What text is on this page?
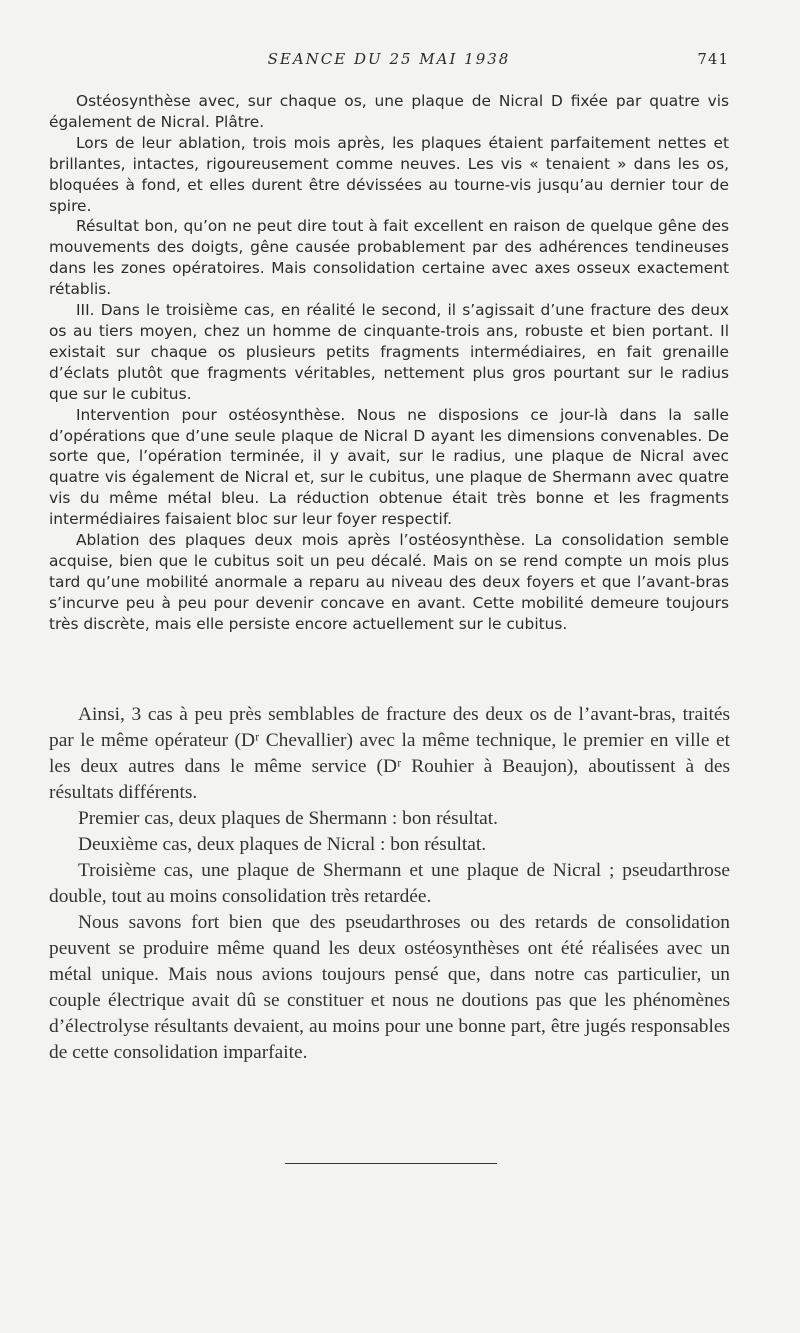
SEANCE DU 25 MAI 1938	741

Ostéosynthèse avec, sur chaque os, une plaque de Nicral D fixée par quatre vis également de Nicral. Plâtre.

Lors de leur ablation, trois mois après, les plaques étaient parfaitement nettes et brillantes, intactes, rigoureusement comme neuves. Les vis « tenaient » dans les os, bloquées à fond, et elles durent être dévissées au tourne-vis jusqu’au dernier tour de spire.

Résultat bon, qu’on ne peut dire tout à fait excellent en raison de quelque gêne des mouvements des doigts, gêne causée probablement par des adhérences tendineuses dans les zones opératoires. Mais consolidation certaine avec axes osseux exactement rétablis.

III. Dans le troisième cas, en réalité le second, il s’agissait d’une fracture des deux os au tiers moyen, chez un homme de cinquante-trois ans, robuste et bien portant. Il existait sur chaque os plusieurs petits fragments intermédiaires, en fait grenaille d’éclats plutôt que fragments véritables, nettement plus gros pourtant sur le radius que sur le cubitus.

Intervention pour ostéosynthèse. Nous ne disposions ce jour-là dans la salle d’opérations que d’une seule plaque de Nicral D ayant les dimensions convenables. De sorte que, l’opération terminée, il y avait, sur le radius, une plaque de Nicral avec quatre vis également de Nicral et, sur le cubitus, une plaque de Shermann avec quatre vis du même métal bleu. La réduction obtenue était très bonne et les fragments intermédiaires faisaient bloc sur leur foyer respectif.

Ablation des plaques deux mois après l’ostéosynthèse. La consolidation semble acquise, bien que le cubitus soit un peu décalé. Mais on se rend compte un mois plus tard qu’une mobilité anormale a reparu au niveau des deux foyers et que l’avant-bras s’incurve peu à peu pour devenir concave en avant. Cette mobilité demeure toujours très discrète, mais elle persiste encore actuellement sur le cubitus.

Ainsi, 3 cas à peu près semblables de fracture des deux os de l’avant-bras, traités par le même opérateur (Dʳ Chevallier) avec la même technique, le premier en ville et les deux autres dans le même service (Dʳ Rouhier à Beaujon), aboutissent à des résultats différents.

Premier cas, deux plaques de Shermann : bon résultat.

Deuxième cas, deux plaques de Nicral : bon résultat.

Troisième cas, une plaque de Shermann et une plaque de Nicral ; pseudarthrose double, tout au moins consolidation très retardée.

Nous savons fort bien que des pseudarthroses ou des retards de consolidation peuvent se produire même quand les deux ostéosynthèses ont été réalisées avec un métal unique. Mais nous avions toujours pensé que, dans notre cas particulier, un couple électrique avait dû se constituer et nous ne doutions pas que les phénomènes d’électrolyse résultants devaient, au moins pour une bonne part, être jugés responsables de cette consolidation imparfaite.
